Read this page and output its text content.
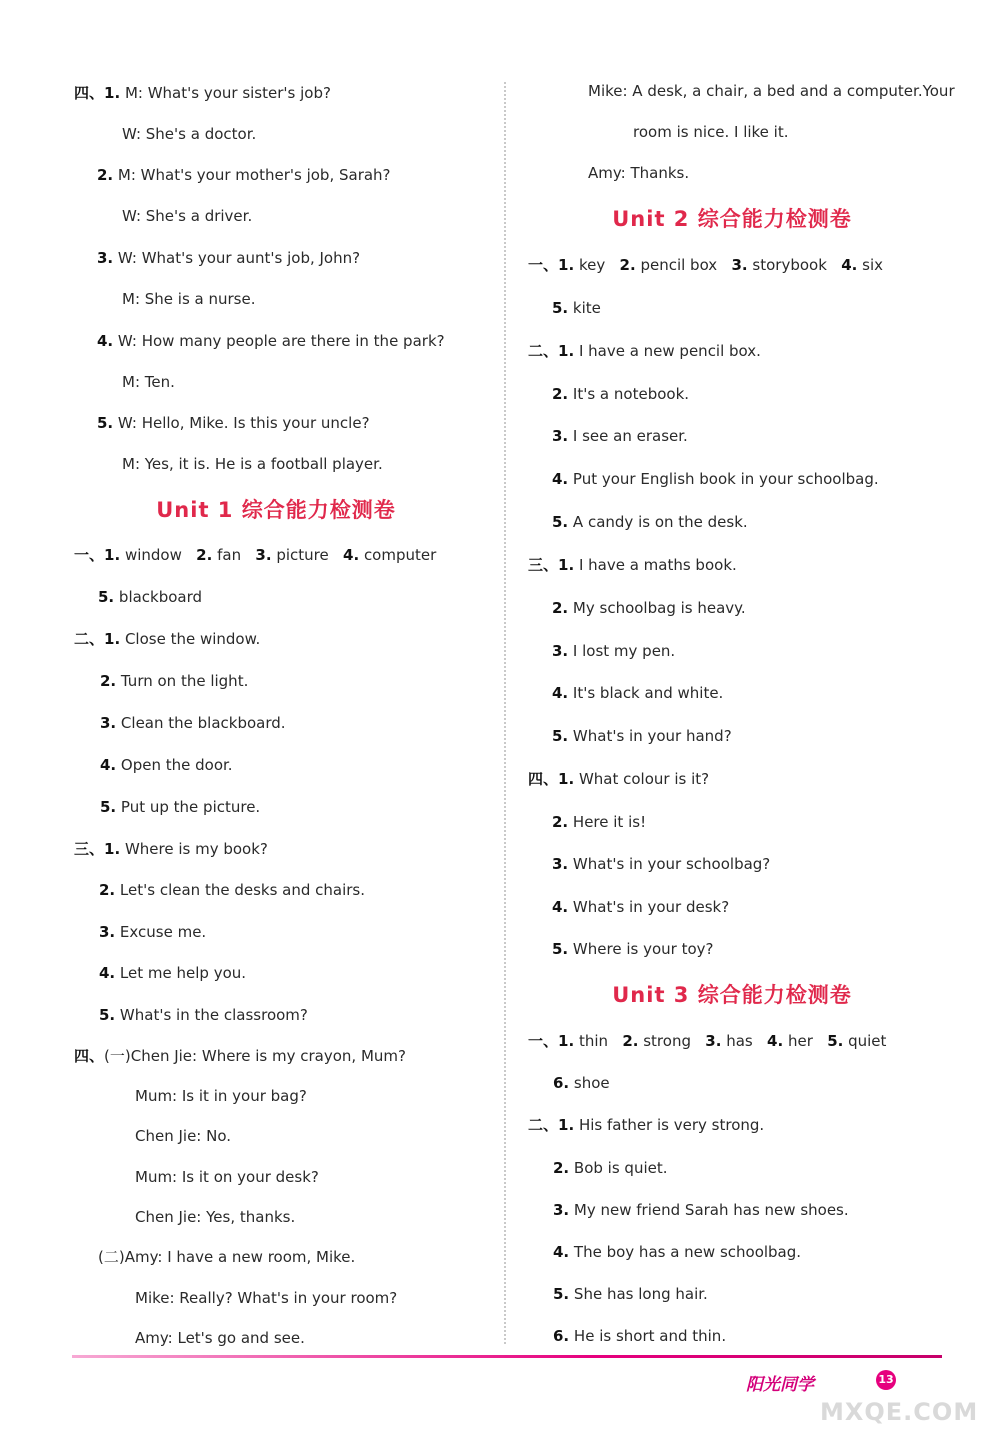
四、1. M: What's your sister's job?
W: She's a doctor.
2. M: What's your mother's job, Sarah?
W: She's a driver.
3. W: What's your aunt's job, John?
M: She is a nurse.
4. W: How many people are there in the park?
M: Ten.
5. W: Hello, Mike. Is this your uncle?
M: Yes, it is. He is a football player.
Unit 1 综合能力检测卷
一、1. window 2. fan 3. picture 4. computer
5. blackboard
二、1. Close the window.
2. Turn on the light.
3. Clean the blackboard.
4. Open the door.
5. Put up the picture.
三、1. Where is my book?
2. Let's clean the desks and chairs.
3. Excuse me.
4. Let me help you.
5. What's in the classroom?
四、(一)Chen Jie: Where is my crayon, Mum?
Mum: Is it in your bag?
Chen Jie: No.
Mum: Is it on your desk?
Chen Jie: Yes, thanks.
(二)Amy: I have a new room, Mike.
Mike: Really? What's in your room?
Amy: Let's go and see.
Mike: A desk, a chair, a bed and a computer.Your
room is nice. I like it.
Amy: Thanks.
Unit 2 综合能力检测卷
一、1. key 2. pencil box 3. storybook 4. six
5. kite
二、1. I have a new pencil box.
2. It's a notebook.
3. I see an eraser.
4. Put your English book in your schoolbag.
5. A candy is on the desk.
三、1. I have a maths book.
2. My schoolbag is heavy.
3. I lost my pen.
4. It's black and white.
5. What's in your hand?
四、1. What colour is it?
2. Here it is!
3. What's in your schoolbag?
4. What's in your desk?
5. Where is your toy?
Unit 3 综合能力检测卷
一、1. thin 2. strong 3. has 4. her 5. quiet
6. shoe
二、1. His father is very strong.
2. Bob is quiet.
3. My new friend Sarah has new shoes.
4. The boy has a new schoolbag.
5. She has long hair.
6. He is short and thin.
阳光同学	13
MXQE.COM
